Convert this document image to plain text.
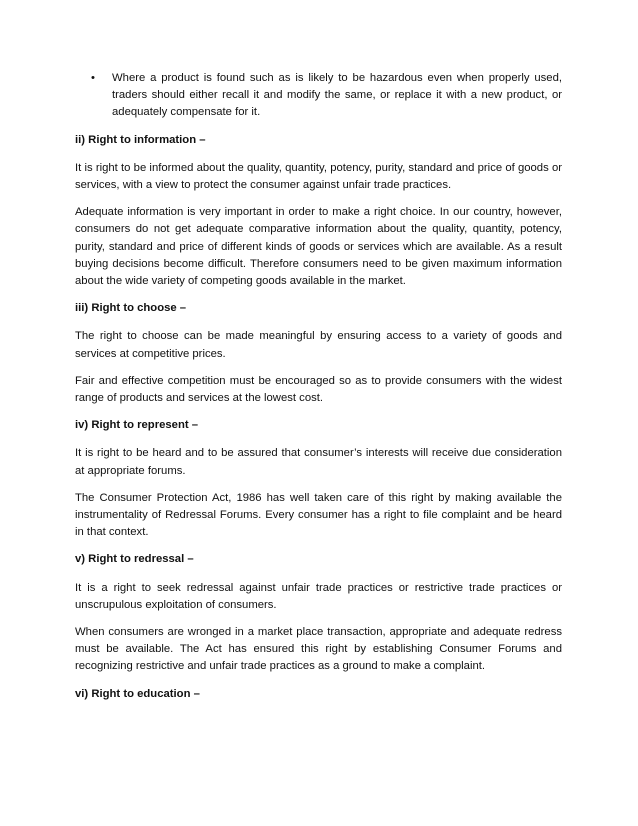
• Where a product is found such as is likely to be hazardous even when properly used, traders should either recall it and modify the same, or replace it with a new product, or adequately compensate for it.
ii) Right to information –

It is right to be informed about the quality, quantity, potency, purity, standard and price of goods or services, with a view to protect the consumer against unfair trade practices.

Adequate information is very important in order to make a right choice. In our country, however, consumers do not get adequate comparative information about the quality, quantity, potency, purity, standard and price of different kinds of goods or services which are available. As a result buying decisions become difficult. Therefore consumers need to be given maximum information about the wide variety of competing goods available in the market.

iii) Right to choose –

The right to choose can be made meaningful by ensuring access to a variety of goods and services at competitive prices.

Fair and effective competition must be encouraged so as to provide consumers with the widest range of products and services at the lowest cost.

iv) Right to represent –

It is right to be heard and to be assured that consumer’s interests will receive due consideration at appropriate forums.

The Consumer Protection Act, 1986 has well taken care of this right by making available the instrumentality of Redressal Forums. Every consumer has a right to file complaint and be heard in that context.

v) Right to redressal –

It is a right to seek redressal against unfair trade practices or restrictive trade practices or unscrupulous exploitation of consumers.

When consumers are wronged in a market place transaction, appropriate and adequate redress must be available. The Act has ensured this right by establishing Consumer Forums and recognizing restrictive and unfair trade practices as a ground to make a complaint.

vi) Right to education –
